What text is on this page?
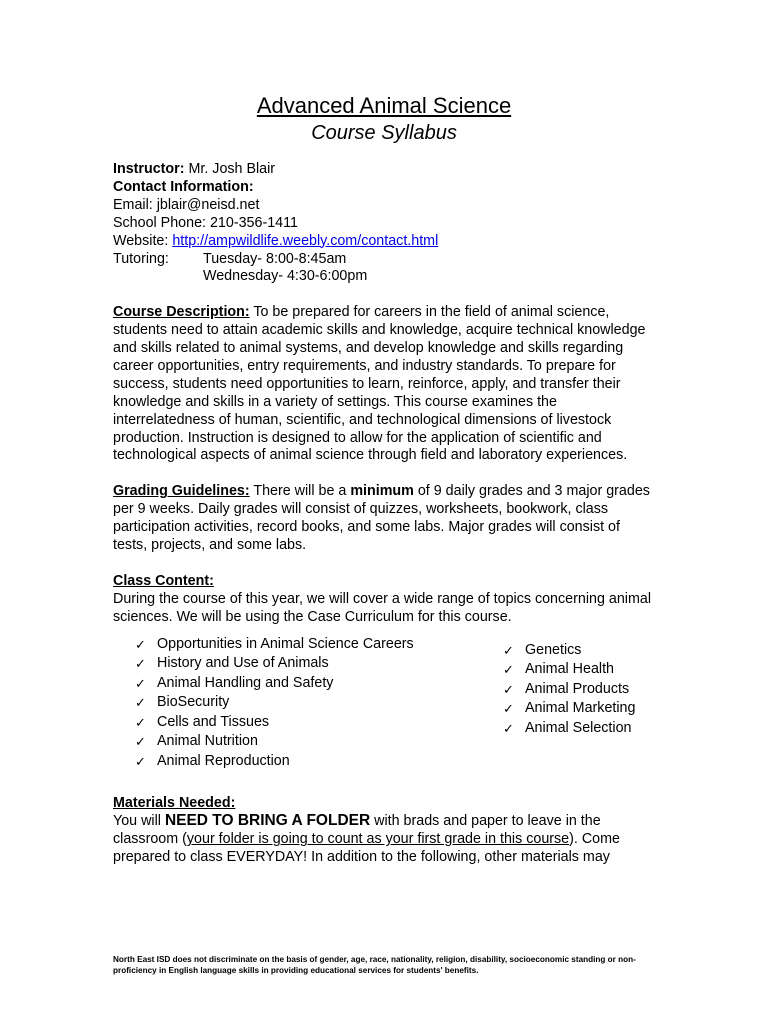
Advanced Animal Science
Course Syllabus

Instructor: Mr. Josh Blair

Contact Information:

Email: jblair@neisd.net

School Phone: 210-356-1411

Website: http://ampwildlife.weebly.com/contact.html

Tutoring:	Tuesday- 8:00-8:45am
Wednesday- 4:30-6:00pm

Course Description: To be prepared for careers in the field of animal science, students need to attain academic skills and knowledge, acquire technical knowledge and skills related to animal systems, and develop knowledge and skills regarding career opportunities, entry requirements, and industry standards. To prepare for success, students need opportunities to learn, reinforce, apply, and transfer their knowledge and skills in a variety of settings. This course examines the interrelatedness of human, scientific, and technological dimensions of livestock production. Instruction is designed to allow for the application of scientific and technological aspects of animal science through field and laboratory experiences.

Grading Guidelines: There will be a minimum of 9 daily grades and 3 major grades per 9 weeks. Daily grades will consist of quizzes, worksheets, bookwork, class participation activities, record books, and some labs. Major grades will consist of tests, projects, and some labs.

Class Content:

During the course of this year, we will cover a wide range of topics concerning animal sciences. We will be using the Case Curriculum for this course.

✓ Opportunities in Animal Science Careers
✓ History and Use of Animals
✓ Animal Handling and Safety
✓ BioSecurity
✓ Cells and Tissues
✓ Animal Nutrition
✓ Animal Reproduction
✓ Genetics
✓ Animal Health
✓ Animal Products
✓ Animal Marketing
✓ Animal Selection

Materials Needed:

You will NEED TO BRING A FOLDER with brads and paper to leave in the classroom (your folder is going to count as your first grade in this course). Come prepared to class EVERYDAY! In addition to the following, other materials may

North East ISD does not discriminate on the basis of gender, age, race, nationality, religion, disability, socioeconomic standing or non-proficiency in English language skills in providing educational services for students' benefits.
